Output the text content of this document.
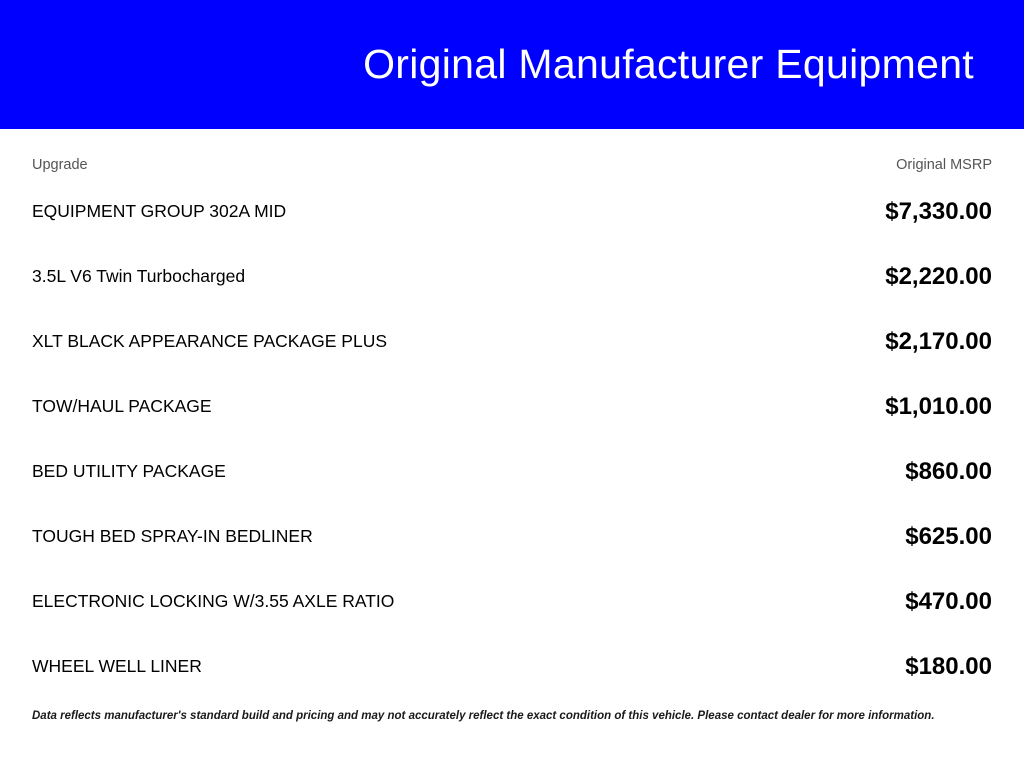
Original Manufacturer Equipment
Upgrade	Original MSRP
EQUIPMENT GROUP 302A MID	$7,330.00
3.5L V6 Twin Turbocharged	$2,220.00
XLT BLACK APPEARANCE PACKAGE PLUS	$2,170.00
TOW/HAUL PACKAGE	$1,010.00
BED UTILITY PACKAGE	$860.00
TOUGH BED SPRAY-IN BEDLINER	$625.00
ELECTRONIC LOCKING W/3.55 AXLE RATIO	$470.00
WHEEL WELL LINER	$180.00
Data reflects manufacturer's standard build and pricing and may not accurately reflect the exact condition of this vehicle. Please contact dealer for more information.
